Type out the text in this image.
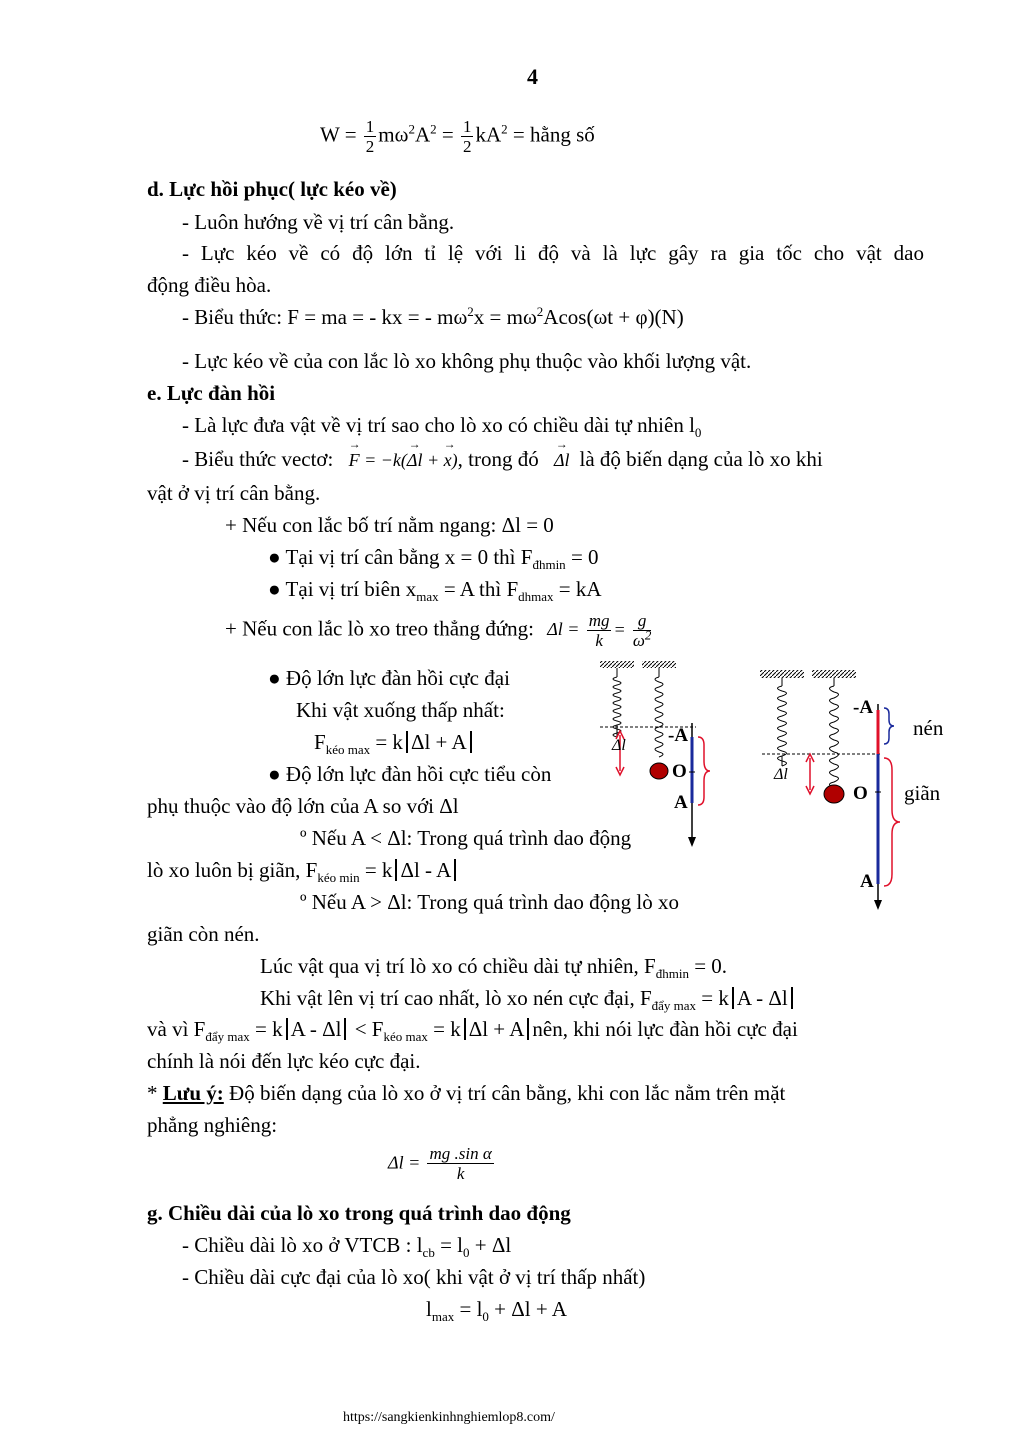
4
$W = \frac{1}{2} m\omega^2A^2 = \frac{1}{2} kA^2$ = hằng số
d. Lực hồi phục( lực kéo về)
- Luôn hướng về vị trí cân bằng.
- Lực kéo về có độ lớn tỉ lệ với li độ và là lực gây ra gia tốc cho vật dao
động điều hòa.
- Biểu thức: F = ma = - kx = - $m\omega^2x = m\omega^2Acos(\omega t + \varphi)(N)$
- Lực kéo về của con lắc lò xo không phụ thuộc vào khối lượng vật.
e. Lực đàn hồi
- Là lực đưa vật về vị trí sao cho lò xo có chiều dài tự nhiên $l_0$
- Biểu thức vectơ: → F = −k(→ Δl + → x), trong đó → Δl là độ biến dạng của lò xo khi
vật ở vị trí cân bằng.
+ Nếu con lắc bố trí nằm ngang: Δl = 0
● Tại vị trí cân bằng x = 0 thì $F_{đhmin} = 0$
● Tại vị trí biên $x_{max} = A$ thì $F_{dhmax}$ = kA
+ Nếu con lắc lò xo treo thẳng đứng: $\Delta l = \frac{mg}{k} = \frac{g}{\omega^2}$
● Độ lớn lực đàn hồi cực đại
Khi vật xuống thấp nhất:
$F_{kéo max} = k$ Δl + A
● Độ lớn lực đàn hồi cực tiểu còn
phụ thuộc vào độ lớn của A so với Δl
º Nếu A < Δl: Trong quá trình dao động
lò xo luôn bị giãn, $F_{kéo min} = k$ Δl - A
º Nếu A > Δl: Trong quá trình dao động lò xo
giãn còn nén.
Lúc vật qua vị trí lò xo có chiều dài tự nhiên, $F_{đhmin} = 0$.
Khi vật lên vị trí cao nhất, lò xo nén cực đại, $F_{đẩy max} = k$ A - Δl
và vì $F_{đẩy max} = k$ $A - \Delta l < F_{kéo max} = k$ Δl + A nên, khi nói lực đàn hồi cực đại
chính là nói đến lực kéo cực đại.
* Lưu ý: Độ biến dạng của lò xo ở vị trí cân bằng, khi con lắc nằm trên mặt
phẳng nghiêng:
$\Delta l = \frac{\text{mg .sin α}}{k}$
g. Chiều dài của lò xo trong quá trình dao động
- Chiều dài lò xo ở VTCB : $l_{cb} = l_0 + \Delta l$
- Chiều dài cực đại của lò xo( khi vật ở vị trí thấp nhất)
$l_{max} = l_0 + \Delta l + A$
-A
O
A
Δl
-A
O
A
Δl
nén
giãn
https://sangkienkinhnghiemlop8.com/
